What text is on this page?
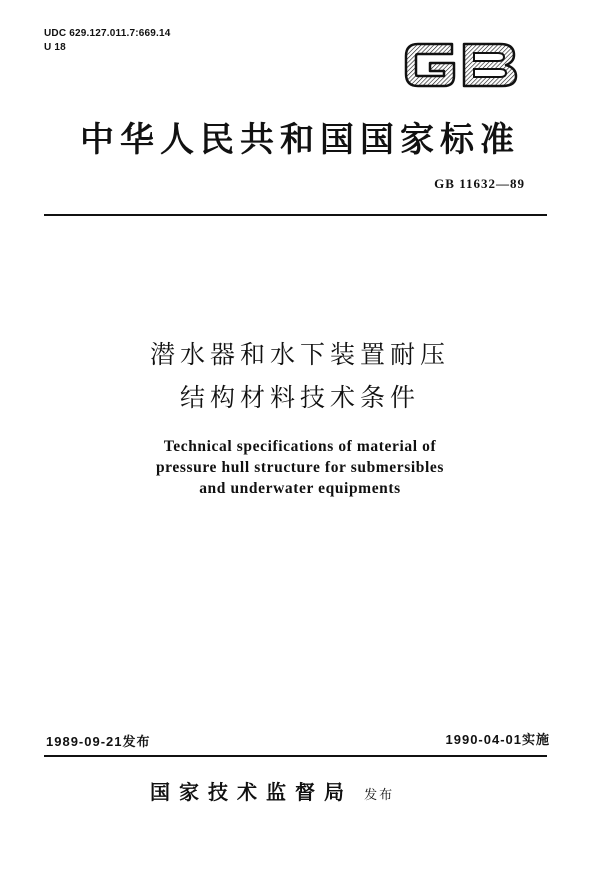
UDC 629.127.011.7:669.14
U 18
中华人民共和国国家标准
GB 11632—89
潜水器和水下装置耐压
结构材料技术条件
Technical specifications of material of
pressure hull structure for submersibles
and underwater equipments
1989-09-21发布	1990-04-01实施
国家技术监督局 发布
